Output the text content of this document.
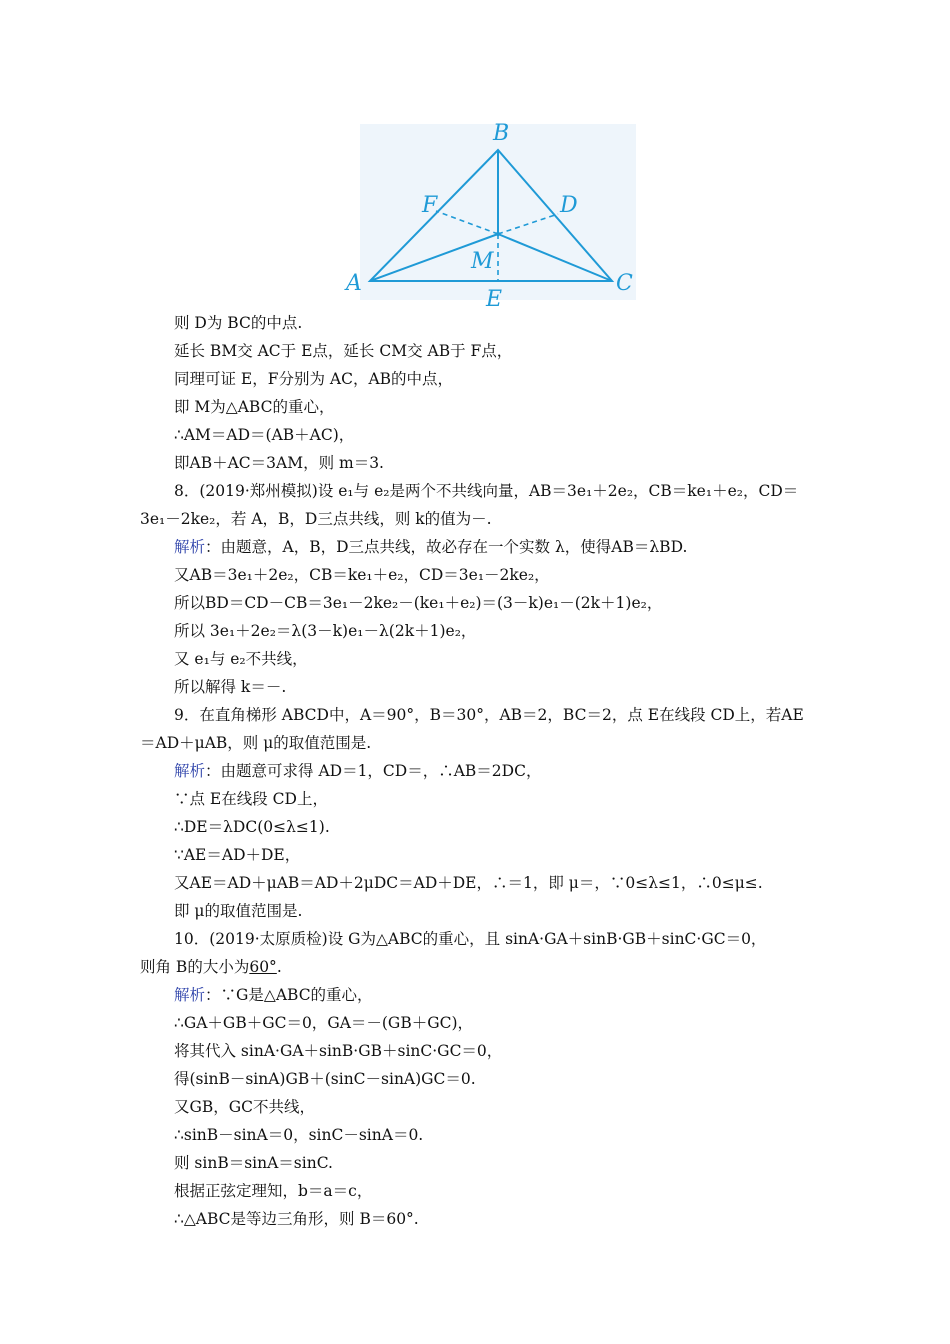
B
F	D
M
A
E
C
则 D为 BC的中点.
延长 BM交 AC于 E点，延长 CM交 AB于 F点，
同理可证 E，F分别为 AC，AB的中点，
即 M为△ABC的重心，
∴AM＝AD＝(AB＋AC)，
即AB＋AC＝3AM，则 m＝3.
8．(2019·郑州模拟)设 e₁与 e₂是两个不共线向量，AB＝3e₁＋2e₂，CB＝ke₁＋e₂，CD＝
3e₁－2ke₂，若 A，B，D三点共线，则 k的值为－.
解析：由题意，A，B，D三点共线，故必存在一个实数 λ，使得AB＝λBD.
又AB＝3e₁＋2e₂，CB＝ke₁＋e₂，CD＝3e₁－2ke₂，
所以BD＝CD－CB＝3e₁－2ke₂－(ke₁＋e₂)＝(3－k)e₁－(2k＋1)e₂，
所以 3e₁＋2e₂＝λ(3－k)e₁－λ(2k＋1)e₂，
又 e₁与 e₂不共线，
所以解得 k＝－.
9．在直角梯形 ABCD中，A＝90°，B＝30°，AB＝2，BC＝2，点 E在线段 CD上，若AE
＝AD＋μAB，则 μ的取值范围是.
解析：由题意可求得 AD＝1，CD＝，∴AB＝2DC，
∵点 E在线段 CD上，
∴DE＝λDC(0≤λ≤1).
∵AE＝AD＋DE，
又AE＝AD＋μAB＝AD＋2μDC＝AD＋DE，∴＝1，即 μ＝，∵0≤λ≤1，∴0≤μ≤.
即 μ的取值范围是.
10．(2019·太原质检)设 G为△ABC的重心，且 sinA·GA＋sinB·GB＋sinC·GC＝0，
则角 B的大小为60°.
解析：∵G是△ABC的重心，
∴GA＋GB＋GC＝0，GA＝－(GB＋GC)，
将其代入 sinA·GA＋sinB·GB＋sinC·GC＝0，
得(sinB－sinA)GB＋(sinC－sinA)GC＝0.
又GB，GC不共线，
∴sinB－sinA＝0，sinC－sinA＝0.
则 sinB＝sinA＝sinC.
根据正弦定理知，b＝a＝c，
∴△ABC是等边三角形，则 B＝60°.
